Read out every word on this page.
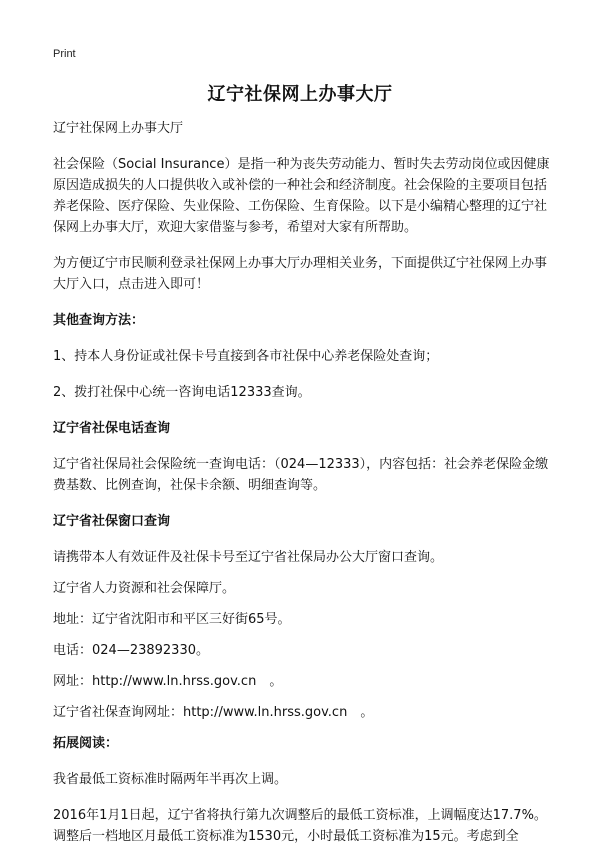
Print
辽宁社保网上办事大厅

辽宁社保网上办事大厅

社会保险（Social Insurance）是指一种为丧失劳动能力、暂时失去劳动岗位或因健康原因造成损失的人口提供收入或补偿的一种社会和经济制度。社会保险的主要项目包括养老保险、医疗保险、失业保险、工伤保险、生育保险。以下是小编精心整理的辽宁社保网上办事大厅，欢迎大家借鉴与参考，希望对大家有所帮助。

为方便辽宁市民顺利登录社保网上办事大厅办理相关业务，下面提供辽宁社保网上办事大厅入口，点击进入即可！

其他查询方法：

1、持本人身份证或社保卡号直接到各市社保中心养老保险处查询；

2、拨打社保中心统一咨询电话12333查询。

辽宁省社保电话查询

辽宁省社保局社会保险统一查询电话：（024—12333），内容包括：社会养老保险金缴费基数、比例查询，社保卡余额、明细查询等。

辽宁省社保窗口查询

请携带本人有效证件及社保卡号至辽宁省社保局办公大厅窗口查询。

辽宁省人力资源和社会保障厅。

地址：辽宁省沈阳市和平区三好街65号。

电话：024—23892330。

网址：http://www.ln.hrss.gov.cn　。

辽宁省社保查询网址：http://www.ln.hrss.gov.cn　。

拓展阅读：

我省最低工资标准时隔两年半再次上调。

2016年1月1日起，辽宁省将执行第九次调整后的最低工资标准，上调幅度达17.7%。调整后一档地区月最低工资标准为1530元，小时最低工资标准为15元。考虑到全
